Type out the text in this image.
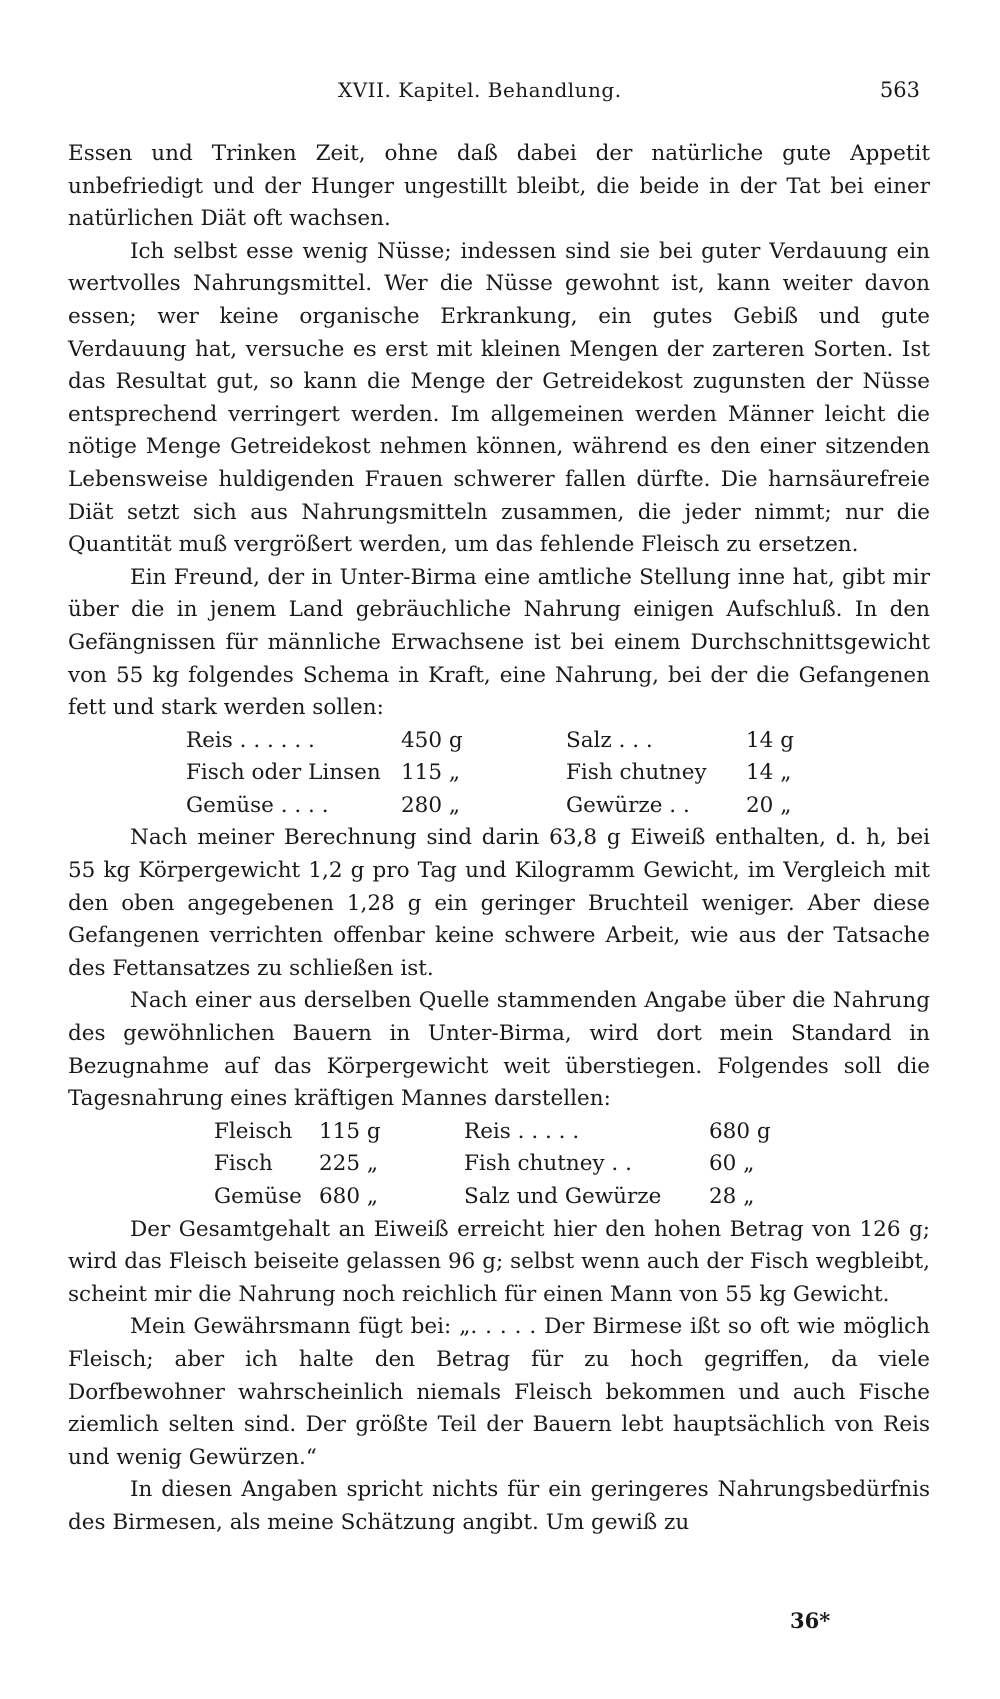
XVII. Kapitel. Behandlung.	563

Essen und Trinken Zeit, ohne daß dabei der natürliche gute Appetit unbefriedigt und der Hunger ungestillt bleibt, die beide in der Tat bei einer natürlichen Diät oft wachsen.

Ich selbst esse wenig Nüsse; indessen sind sie bei guter Verdauung ein wertvolles Nahrungsmittel. Wer die Nüsse gewohnt ist, kann weiter davon essen; wer keine organische Erkrankung, ein gutes Gebiß und gute Verdauung hat, versuche es erst mit kleinen Mengen der zarteren Sorten. Ist das Resultat gut, so kann die Menge der Getreidekost zugunsten der Nüsse entsprechend verringert werden. Im allgemeinen werden Männer leicht die nötige Menge Getreidekost nehmen können, während es den einer sitzenden Lebensweise huldigenden Frauen schwerer fallen dürfte. Die harnsäurefreie Diät setzt sich aus Nahrungsmitteln zusammen, die jeder nimmt; nur die Quantität muß vergrößert werden, um das fehlende Fleisch zu ersetzen.

Ein Freund, der in Unter-Birma eine amtliche Stellung inne hat, gibt mir über die in jenem Land gebräuchliche Nahrung einigen Aufschluß. In den Gefängnissen für männliche Erwachsene ist bei einem Durchschnittsgewicht von 55 kg folgendes Schema in Kraft, eine Nahrung, bei der die Gefangenen fett und stark werden sollen:

Reis . . . . . .	450 g		Salz . . .	14 g
Fisch oder Linsen	115 „		Fish chutney	14 „
Gemüse . . . .	280 „		Gewürze . .	20 „

Nach meiner Berechnung sind darin 63,8 g Eiweiß enthalten, d. h, bei 55 kg Körpergewicht 1,2 g pro Tag und Kilogramm Gewicht, im Vergleich mit den oben angegebenen 1,28 g ein geringer Bruchteil weniger. Aber diese Gefangenen verrichten offenbar keine schwere Arbeit, wie aus der Tatsache des Fettansatzes zu schließen ist.

Nach einer aus derselben Quelle stammenden Angabe über die Nahrung des gewöhnlichen Bauern in Unter-Birma, wird dort mein Standard in Bezugnahme auf das Körpergewicht weit überstiegen. Folgendes soll die Tagesnahrung eines kräftigen Mannes darstellen:

Fleisch	115 g		Reis . . . . .	680 g
Fisch	225 „		Fish chutney . .	60 „
Gemüse	680 „		Salz und Gewürze	28 „

Der Gesamtgehalt an Eiweiß erreicht hier den hohen Betrag von 126 g; wird das Fleisch beiseite gelassen 96 g; selbst wenn auch der Fisch wegbleibt, scheint mir die Nahrung noch reichlich für einen Mann von 55 kg Gewicht.

Mein Gewährsmann fügt bei: „. . . . . Der Birmese ißt so oft wie möglich Fleisch; aber ich halte den Betrag für zu hoch gegriffen, da viele Dorfbewohner wahrscheinlich niemals Fleisch bekommen und auch Fische ziemlich selten sind. Der größte Teil der Bauern lebt hauptsächlich von Reis und wenig Gewürzen.“

In diesen Angaben spricht nichts für ein geringeres Nahrungsbedürfnis des Birmesen, als meine Schätzung angibt. Um gewiß zu

36*
